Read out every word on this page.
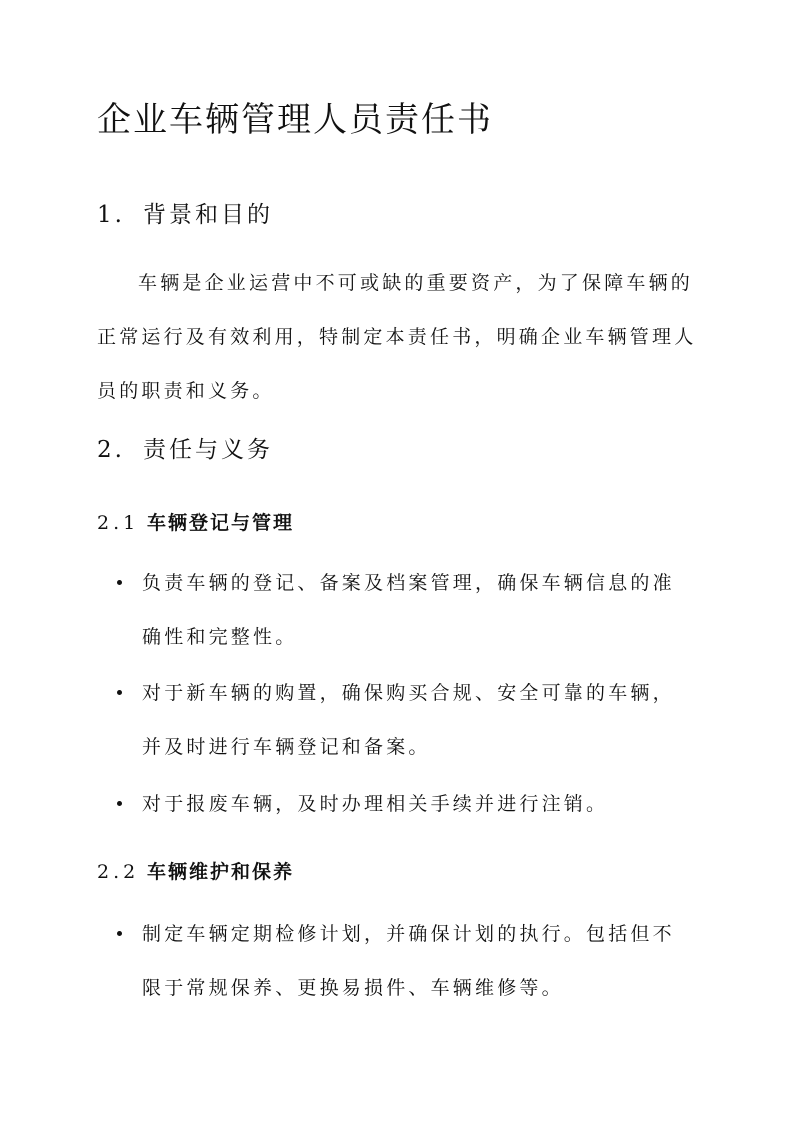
企业车辆管理人员责任书
1. 背景和目的

车辆是企业运营中不可或缺的重要资产，为了保障车辆的正常运行及有效利用，特制定本责任书，明确企业车辆管理人员的职责和义务。

2. 责任与义务
2.1 车辆登记与管理
负责车辆的登记、备案及档案管理，确保车辆信息的准确性和完整性。
对于新车辆的购置，确保购买合规、安全可靠的车辆，并及时进行车辆登记和备案。
对于报废车辆，及时办理相关手续并进行注销。
2.2 车辆维护和保养
制定车辆定期检修计划，并确保计划的执行。包括但不限于常规保养、更换易损件、车辆维修等。
